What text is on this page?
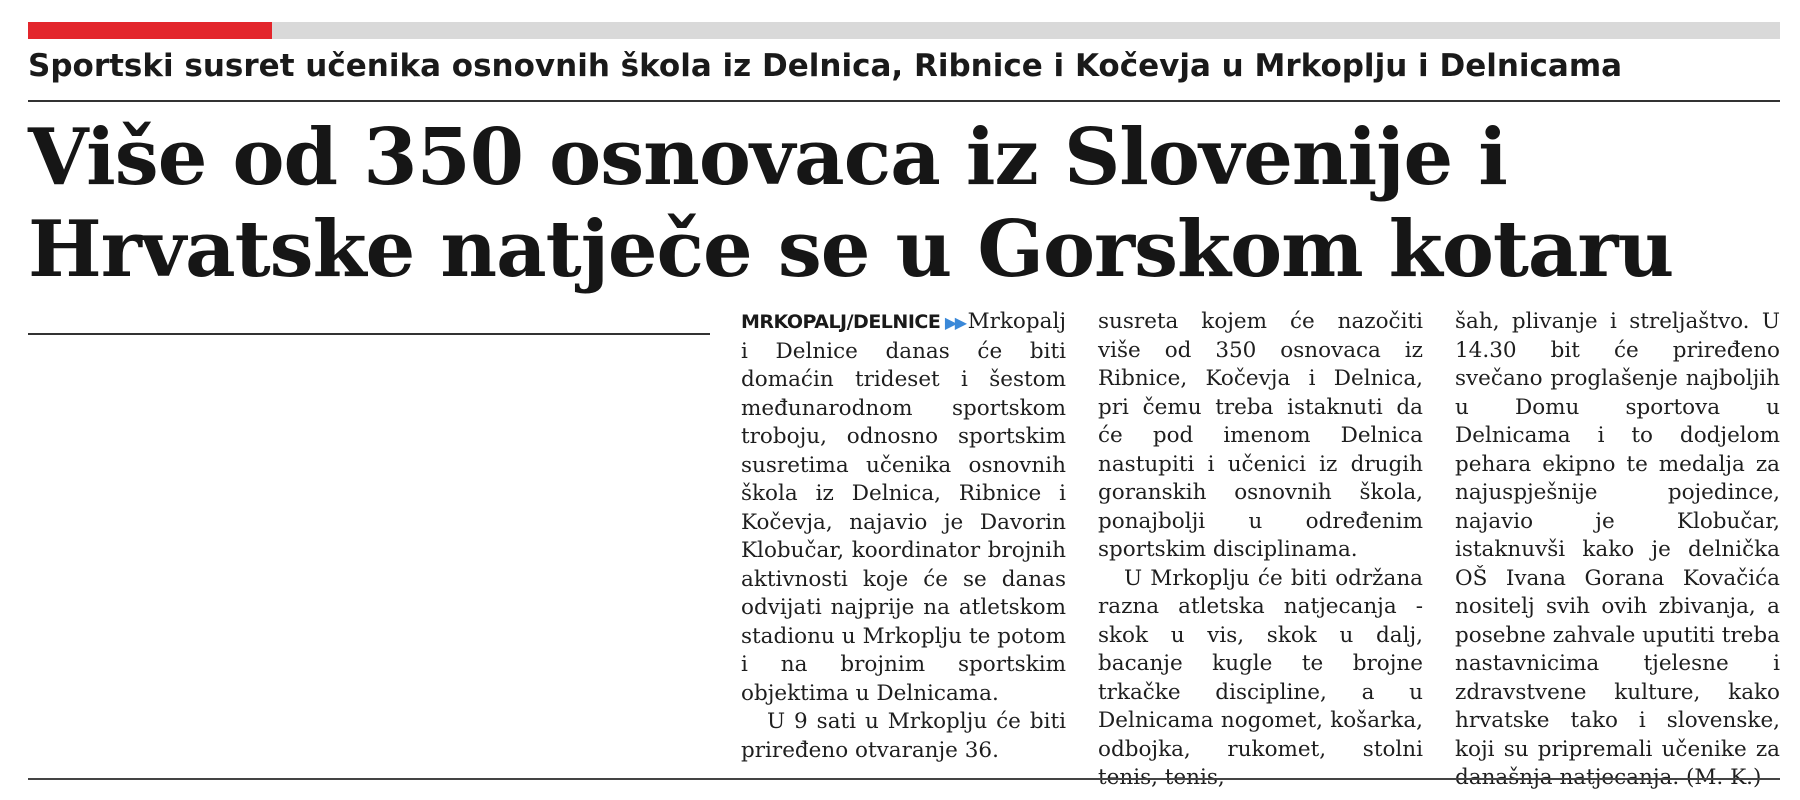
Sportski susret učenika osnovnih škola iz Delnica, Ribnice i Kočevja u Mrkoplju i Delnicama
Više od 350 osnovaca iz Slovenije i
Hrvatske natječe se u Gorskom kotaru

MRKOPALJ/DELNICE ▶▶ Mrkopalj i Delnice danas će biti domaćin trideset i šestom međunarodnom sportskom troboju, odnosno sportskim susretima učenika osnovnih škola iz Delnica, Ribnice i Kočevja, najavio je Davorin Klobučar, koordinator brojnih aktivnosti koje će se danas odvijati najprije na atletskom stadionu u Mrkoplju te potom i na brojnim sportskim objektima u Delnicama.

U 9 sati u Mrkoplju će biti priređeno otvaranje 36.

susreta kojem će nazočiti više od 350 osnovaca iz Ribnice, Kočevja i Delnica, pri čemu treba istaknuti da će pod imenom Delnica nastupiti i učenici iz drugih goranskih osnovnih škola, ponajbolji u određenim sportskim disciplinama.

U Mrkoplju će biti održana razna atletska natjecanja - skok u vis, skok u dalj, bacanje kugle te brojne trkačke discipline, a u Delnicama nogomet, košarka, odbojka, rukomet, stolni tenis, tenis,

šah, plivanje i streljaštvo. U 14.30 bit će priređeno svečano proglašenje najboljih u Domu sportova u Delnicama i to dodjelom pehara ekipno te medalja za najuspješnije pojedince, najavio je Klobučar, istaknuvši kako je delnička OŠ Ivana Gorana Kovačića nositelj svih ovih zbivanja, a posebne zahvale uputiti treba nastavnicima tjelesne i zdravstvene kulture, kako hrvatske tako i slovenske, koji su pripremali učenike za današnja natjecanja. (M. K.)
